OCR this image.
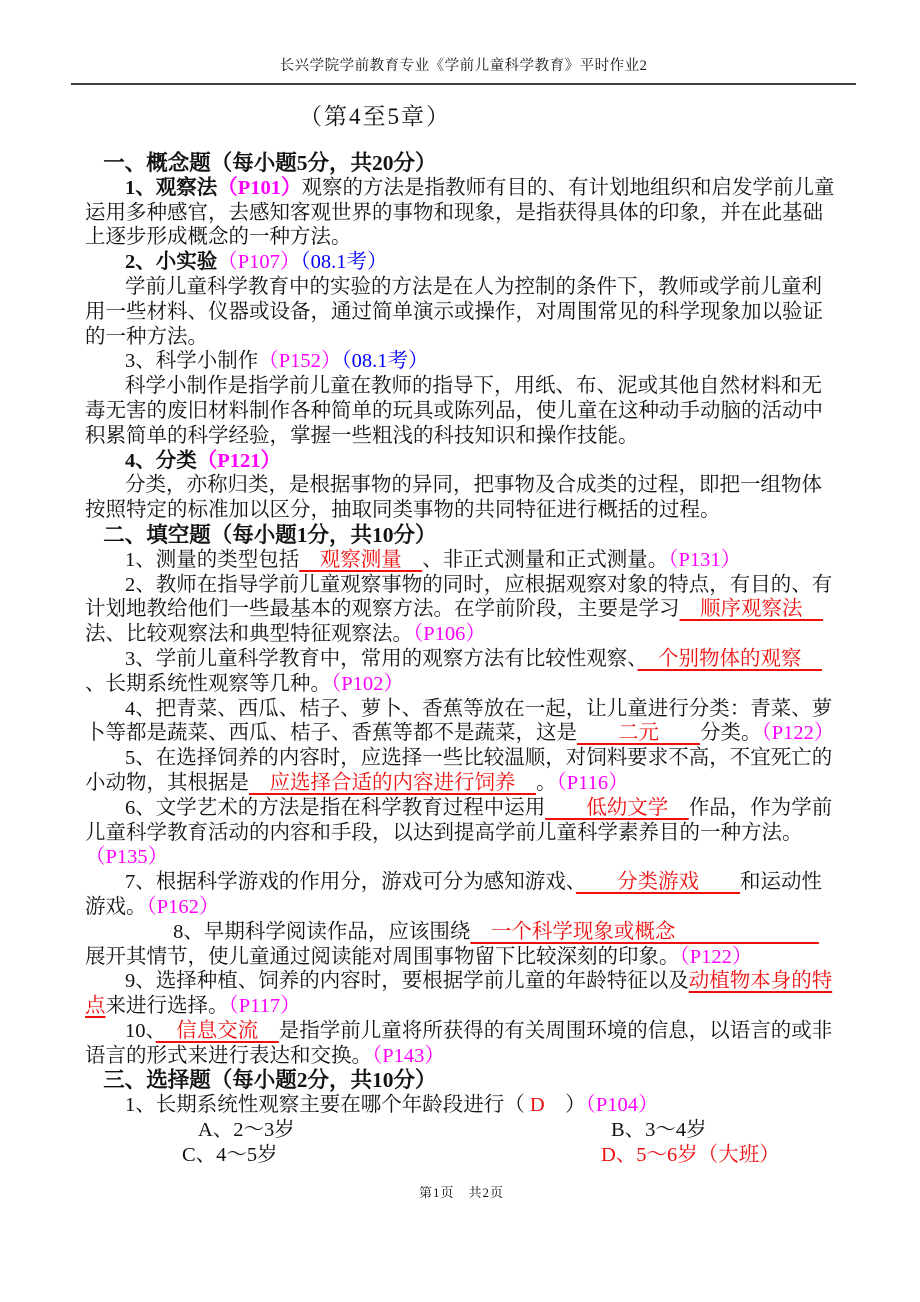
长兴学院学前教育专业《学前儿童科学教育》平时作业2
（第4至5章）

一、概念题（每小题5分，共20分）

1、观察法（P101）观察的方法是指教师有目的、有计划地组织和启发学前儿童运用多种感官，去感知客观世界的事物和现象，是指获得具体的印象，并在此基础上逐步形成概念的一种方法。

2、小实验（P107）（08.1考）

学前儿童科学教育中的实验的方法是在人为控制的条件下，教师或学前儿童利用一些材料、仪器或设备，通过简单演示或操作，对周围常见的科学现象加以验证的一种方法。

3、科学小制作（P152）（08.1考）

科学小制作是指学前儿童在教师的指导下，用纸、布、泥或其他自然材料和无毒无害的废旧材料制作各种简单的玩具或陈列品，使儿童在这种动手动脑的活动中积累简单的科学经验，掌握一些粗浅的科技知识和操作技能。

4、分类（P121）

分类，亦称归类，是根据事物的异同，把事物及合成类的过程，即把一组物体按照特定的标准加以区分，抽取同类事物的共同特征进行概括的过程。

二、填空题（每小题1分，共10分）

1、测量的类型包括　观察测量　、非正式测量和正式测量。（P131）

2、教师在指导学前儿童观察事物的同时，应根据观察对象的特点，有目的、有计划地教给他们一些最基本的观察方法。在学前阶段，主要是学习　顺序观察法　法、比较观察法和典型特征观察法。（P106）

3、学前儿童科学教育中，常用的观察方法有比较性观察、　个别物体的观察　、长期系统性观察等几种。（P102）

4、把青菜、西瓜、桔子、萝卜、香蕉等放在一起，让儿童进行分类：青菜、萝卜等都是蔬菜、西瓜、桔子、香蕉等都不是蔬菜，这是　　二元　　分类。（P122）

5、在选择饲养的内容时，应选择一些比较温顺，对饲料要求不高，不宜死亡的小动物，其根据是　应选择合适的内容进行饲养　。（P116）

6、文学艺术的方法是指在科学教育过程中运用　　低幼文学　作品，作为学前儿童科学教育活动的内容和手段，以达到提高学前儿童科学素养目的一种方法。（P135）

7、根据科学游戏的作用分，游戏可分为感知游戏、　　分类游戏　　和运动性游戏。（P162）

8、早期科学阅读作品，应该围绕　一个科学现象或概念　　　　　　　展开其情节，使儿童通过阅读能对周围事物留下比较深刻的印象。（P122）

9、选择种植、饲养的内容时，要根据学前儿童的年龄特征以及动植物本身的特点来进行选择。（P117）

10、　信息交流　是指学前儿童将所获得的有关周围环境的信息，以语言的或非语言的形式来进行表达和交换。（P143）

三、选择题（每小题2分，共10分）

1、长期系统性观察主要在哪个年龄段进行（ D　）（P104）

A、2～3岁	B、3～4岁
C、4～5岁	D、5～6岁（大班）
第1页　共2页
